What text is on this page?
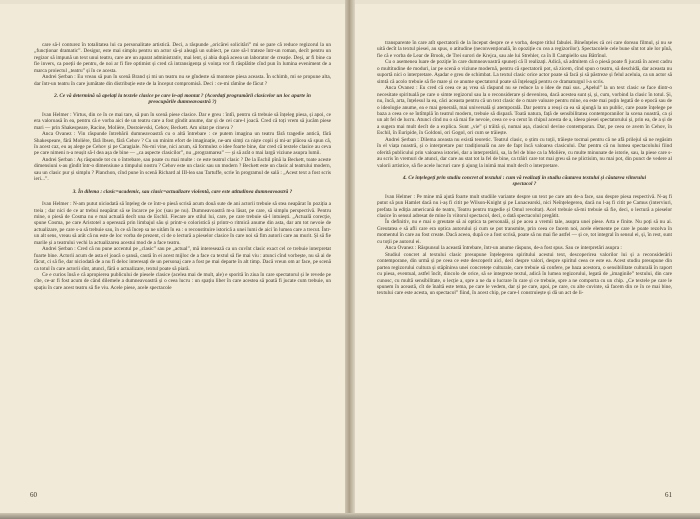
care să-l conturez în totalitatea lui ca personalitate artistică. Deci, a răspunde „oricărei solicitări” mi se pare că reduce regizorul la un „funcționar dramatic”. Desigur, este mai simplu pentru un actor să-și aleagă un subiect, pe care să-l trateze într-un roman, decît pentru un regizor să impună un text unui teatru, care are un aparat administrativ, mai lent, și abia după aceea un laborator de creație. Deși, ar fi bine ca fie invers, ca poeții de pentru, de noi ar fi fire optimist și cred că intransigența și voința vor fi răsplătite cînd pun în lumina eveniment de a marca proiectul „teatru” și în ce acesta.

Andrei Șerban : Eu vreau să pun în scenă Brand și mi un teatru nu se gîndeste să monteze piesa aceasta. În schimb, mi se propune alta, dar într-un teatru în care jumătate din distribuție este de la început compromisă. Deci : ce-mi rămîne de făcut ?

2. Ce vă determină să apelați la textele clasice pe care le-ați montat ? (Acordați programării clasicelor un loc aparte în preocupările dumneavoastră ?)

Ivan Helmer : Virtus, din ce în ce mai tare, să pun în scenă piese clasice. Dar e greu : întîi, pentru că trebuie să înțeleg piesa, și apoi, ce era valoroasă în ea, pentru că e vorba aici de un teatru care a fost gîndit anume, dar și de cei care-l joacă. Cred că toți vrem să jucăm piese mari — prin Shakespeare, Racine, Molière, Dostoievski, Cehov, Beckett. Am uitat pe cineva ?

Anca Ovanez : Vin răspunde întrebării dumneavoastră cu o altă întrebare : ce putem imagina un teatru fără tragedie antică, fără Shakespeare, fără Molière, fără Ibsen, fără Cehov ? Cu un minim efort de imaginație, ne-am simți ca niște copii și mi-ar plăcea să spun că, în acest caz, eu aș alege pe Cehov și pe Caragiale. Nu-mi vine, nici acum, să formulez o idee foarte bine, dar cred că textele clasice au ceva pe care nimeni n-a reușit să-l dea așa de bine — „ca aspecte clasicilor”, nu „programarea” — și să arăt o mai largă viziune asupra lumii.

Andrei Șerban : Aș răspunde tot cu o întrebare, sau poate cu mai multe : ce este teatrul clasic ? De la Eschil pînă la Beckett, toate aceste dimensiuni s-au gîndit într-o dimensiune a timpului nostru ? Cehov este un clasic sau un modern ? Beckett este un clasic al teatrului modern, sau un clasic pur și simplu ? Planchon, cînd pune în scenă Richard al III-lea sau Tartuffe, scrie în programul de sală : „Acest text a fost scris ieri...”.

3. În dilema : clasic=academic, sau clasic=actualizare violentă, care este atitudinea dumneavoastră ?

Ivan Helmer : N-am putut niciodată să înțeleg de ce într-o piesă scrisă acum două sute de ani actorii trebuie să stea neapărat în poziția a treia ; dar nici de ce ar trebui neapărat să se încarce pe joc (sau pe nu). Dumneavoastră m-a lăsat, pe care, să simplu perspectivă. Pentru mine, o piesă de Cosma nu e mai actuală decît una de Eschil. Fiecare are stilul lui, care, pe care trebuie să-l intuiești. „Actuală corecție, spune Cosma, pe care Aristotel a operează prin limbajul său și printr-o coloristică și printr-o ritmică anume din asta, dar am tot nevoie de actualizare, pe care s-a să trebuie sau, în ce să încep sa ne uităm în ea : o reconstituire istorică a unei lumi de aici în lumea care a trecut. Într-un alt sens, vreau să arăt că nu este de loc vorba de prezent, ci de o lectură a pieselor clasice în care noi să fim autorii care au murit. Și să fie marile și a teatrului vechi la actualizarea acestui mod de a face teatru.

Andrei Șerban : Cred că nu pune accentul pe „clasic” sau pe „actual”, mă interesează ca un cuvînt clasic exact cel ce trebuie interpretat foarte bine. Actorii acum de asta el joacă o șansă, caută în ei acest mijloc de a face ca textul să fie mai viu : atunci cînd vorbește, nu să ai de făcut, ci să fie, dar niciodată de a nu fi deloc interesați de un personaj care a fost pe mai departe în alt timp. Dacă vreun om ar face, pe scenă ca totul în care actorii sînt, atunci, fără o actualizare, textul poate să piară.

Ce e curios însă e că apropierea publicului de piesele clasice (acelea mai de mult, ale) e sporită în ziua în care spectatorul și le revede pe cîte, ce-ar fi fost acum de când dilemele a dumneavoastră și o ceea lucru : un spațiu liber în care acestea să poată fi jucate cum trebuie, un spațiu în care acest teatru să fie viu. Acele piese, acele spectacole

60

transparente în care atît spectatorii de la început despre ce e vorba, despre titlul fabulei. Bineînțeles că cei care doreau filmul, și nu se uită decît la textul piesei, au spus, o atitudine (neconvențională, în opoziție cu cea a regizorilor). Spectacolele cele bune sînt tot ale lor pînă, fie că e vorba de Lear de Brook, de Trei surori de Krejca, sau ale lui Strehler, ca în Il Campiello sau Bătrînul.

Cu o asemenea luare de poziție în care dumneavoastră spuneți că îl realizați. Adică, să admitem că o piesă poate fi jucată în acest cadru o multitudine de moduri, iar pe scenă o viziune modernă, pentru că spectatorii pot, să zicem, cînd spun o teatru, să deschidă, dar aceasta nu suportă nici o interpretare. Așadar e greu de schimbat. La textul clasic orice actor poate să facă și să păstreze și felul aceluia, ca un actor să simtă că acolo trebuie să fie mare și ce anume spectatorul poate să înțeleagă pentru ce dramaturgul l-a scris.

Anca Ovanez : Eu cred că ceea ce aș vrea să răspund nu se reduce la o idee de mai sus. „Apelul” la un text clasic se face dintr-o necesitate spirituală pe care o simte regizorul sau la o reconsiderare și devenirea, dacă acestea sunt și, și, cum, vorbind la clasic în totul. Și, nu, încă, arta, înțelesul la ea, căci aceasta pentru că un text clasic de o mare valoare pentru mine, ea este mai puțin legată de o epocă sau de o ideologie anume, ea e mai generală, mai universală și atemporală. Dar pentru a reuși ca ea să ajungă la un public, care poate înțelege pe baza a ceea ce se întîmplă în teatrul modern, trebuie să dispară. Toată natura, față de sensibilitatea contemporanilor la scena noastră, ca și un alt fel de lucru. Atunci cînd nu o să mai fie nevoie, ceea ce s-a cerut în chipul acesta de a, ideea piesei spectatorului și, prin ea, de a și de a sugera mai mult decît de a explica. Sunt „vie” și trăită și, numai așa, clasicul devine contemporan. Dar, pe ceea ce avem în Cehov, în Eschil, în Euripide, în Goldoni, ori Gogol, ori cum se trăiește.

Andrei Șerban : Dilema aceasta nu există teoretic. Teatrul clasic, o știm cu toții, trăiește tocmai pentru că ne afă prilejul să ne regăsim în el viața noastră, și o interpretare pur tradițională nu are de fapt încă valoarea clasicului. Dar pentru că nu lumea spectacolului fiind oferită publicului prin valoarea istoriei, dar a interpretării, sa, la fel de bine ca la Molière, cu multe minunate de istorie, sau, la piese care s-au scris în vremuri de atunci, dar care au stat tot la fel de bine, ca trăiri care tot mai greu să ne plictisim, nu mai pot, din punct de vedere al valorii artistice, să fie acele lucruri care ți ajung la inimă mai mult decît o interpretare.

4. Ce înțelegeți prin studiu concret al textului : cum vă realizați în studiu căutarea textului și căutarea viitorului spectacol ?

Ivan Helmer : Pe mine mă ajută foarte mult studiile variante despre un text pe care am de-a face, sau despre piesa respectivă. N-aș fi putut să pun Hamlet dacă nu i-aș fi citit pe Wilson-Knight și pe Lunacearski, nici Neînțelegerea, dacă nu l-aș fi citit pe Camus (interviuri, prefata la ediția americană de teatru, Teatru pentru tragedie și Omul revoltat). Acel trebuie să-mi trebuie să fie, deci, o lectură a pieselor clasice în sensul adresat de mine în viitorul spectacol, deci, o dată spectacolul pregătit.

În definitiv, nu e mai o greutate să ai optica ta personală, și pe acea a vremii tale, asupra unei piese. Arta e finite. Nu poți să nu ai. Greutatea e să afli care era optica autorului și cum se pot transmite, prin ceea ce facem noi, acele elemente pe care le poate rezolva în momentul în care au fost create. Dacă aceea, după ce a fost scrisă, poate să nu mai fie astfel — și ce, tot integral în sensul ei, și, în rest, sunt cu toții pe autorul ei.

Anca Ovanez : Răspunsul la această întrebare, într-un anume răspuns, de-a fost spus. Sau ce interpretări asupra :

Studiul concret al textului clasic presupune înțelegerea spiritului acestui text, descoperirea valorilor lui și a reconsiderării contemporane, din urmă și pe ceea ce este descoperit aici, deci despre valori, despre spiritul ceea ce este ea. Acest studiu presupune din partea regizorului cultura și stăpînirea unei concretețe culturale, care trebuie să confere, pe baza acestora, o sensibilitate culturală în raport cu piesa, eventual, astfel încît, dincolo de orice, să se integreze textul, adică în lumea regizorului, legată de „imaginile” textului, din care cunosc, cu multă sensibilitate, o lecție a, spre a ne da o lucrare în care și ce trebuie, spre a ne comporta cu un chip. „Ce textele pe care le spunem în această, cît de înaltă este tema, pe care le vedem, dar și pe care, apoi, pe care, cu alte cuvinte, să facem din ce în ce mai bine, textului care este acesta, un spectacol” fiind, în acest chip, pe care-l construiește și dă un act de li-

61
